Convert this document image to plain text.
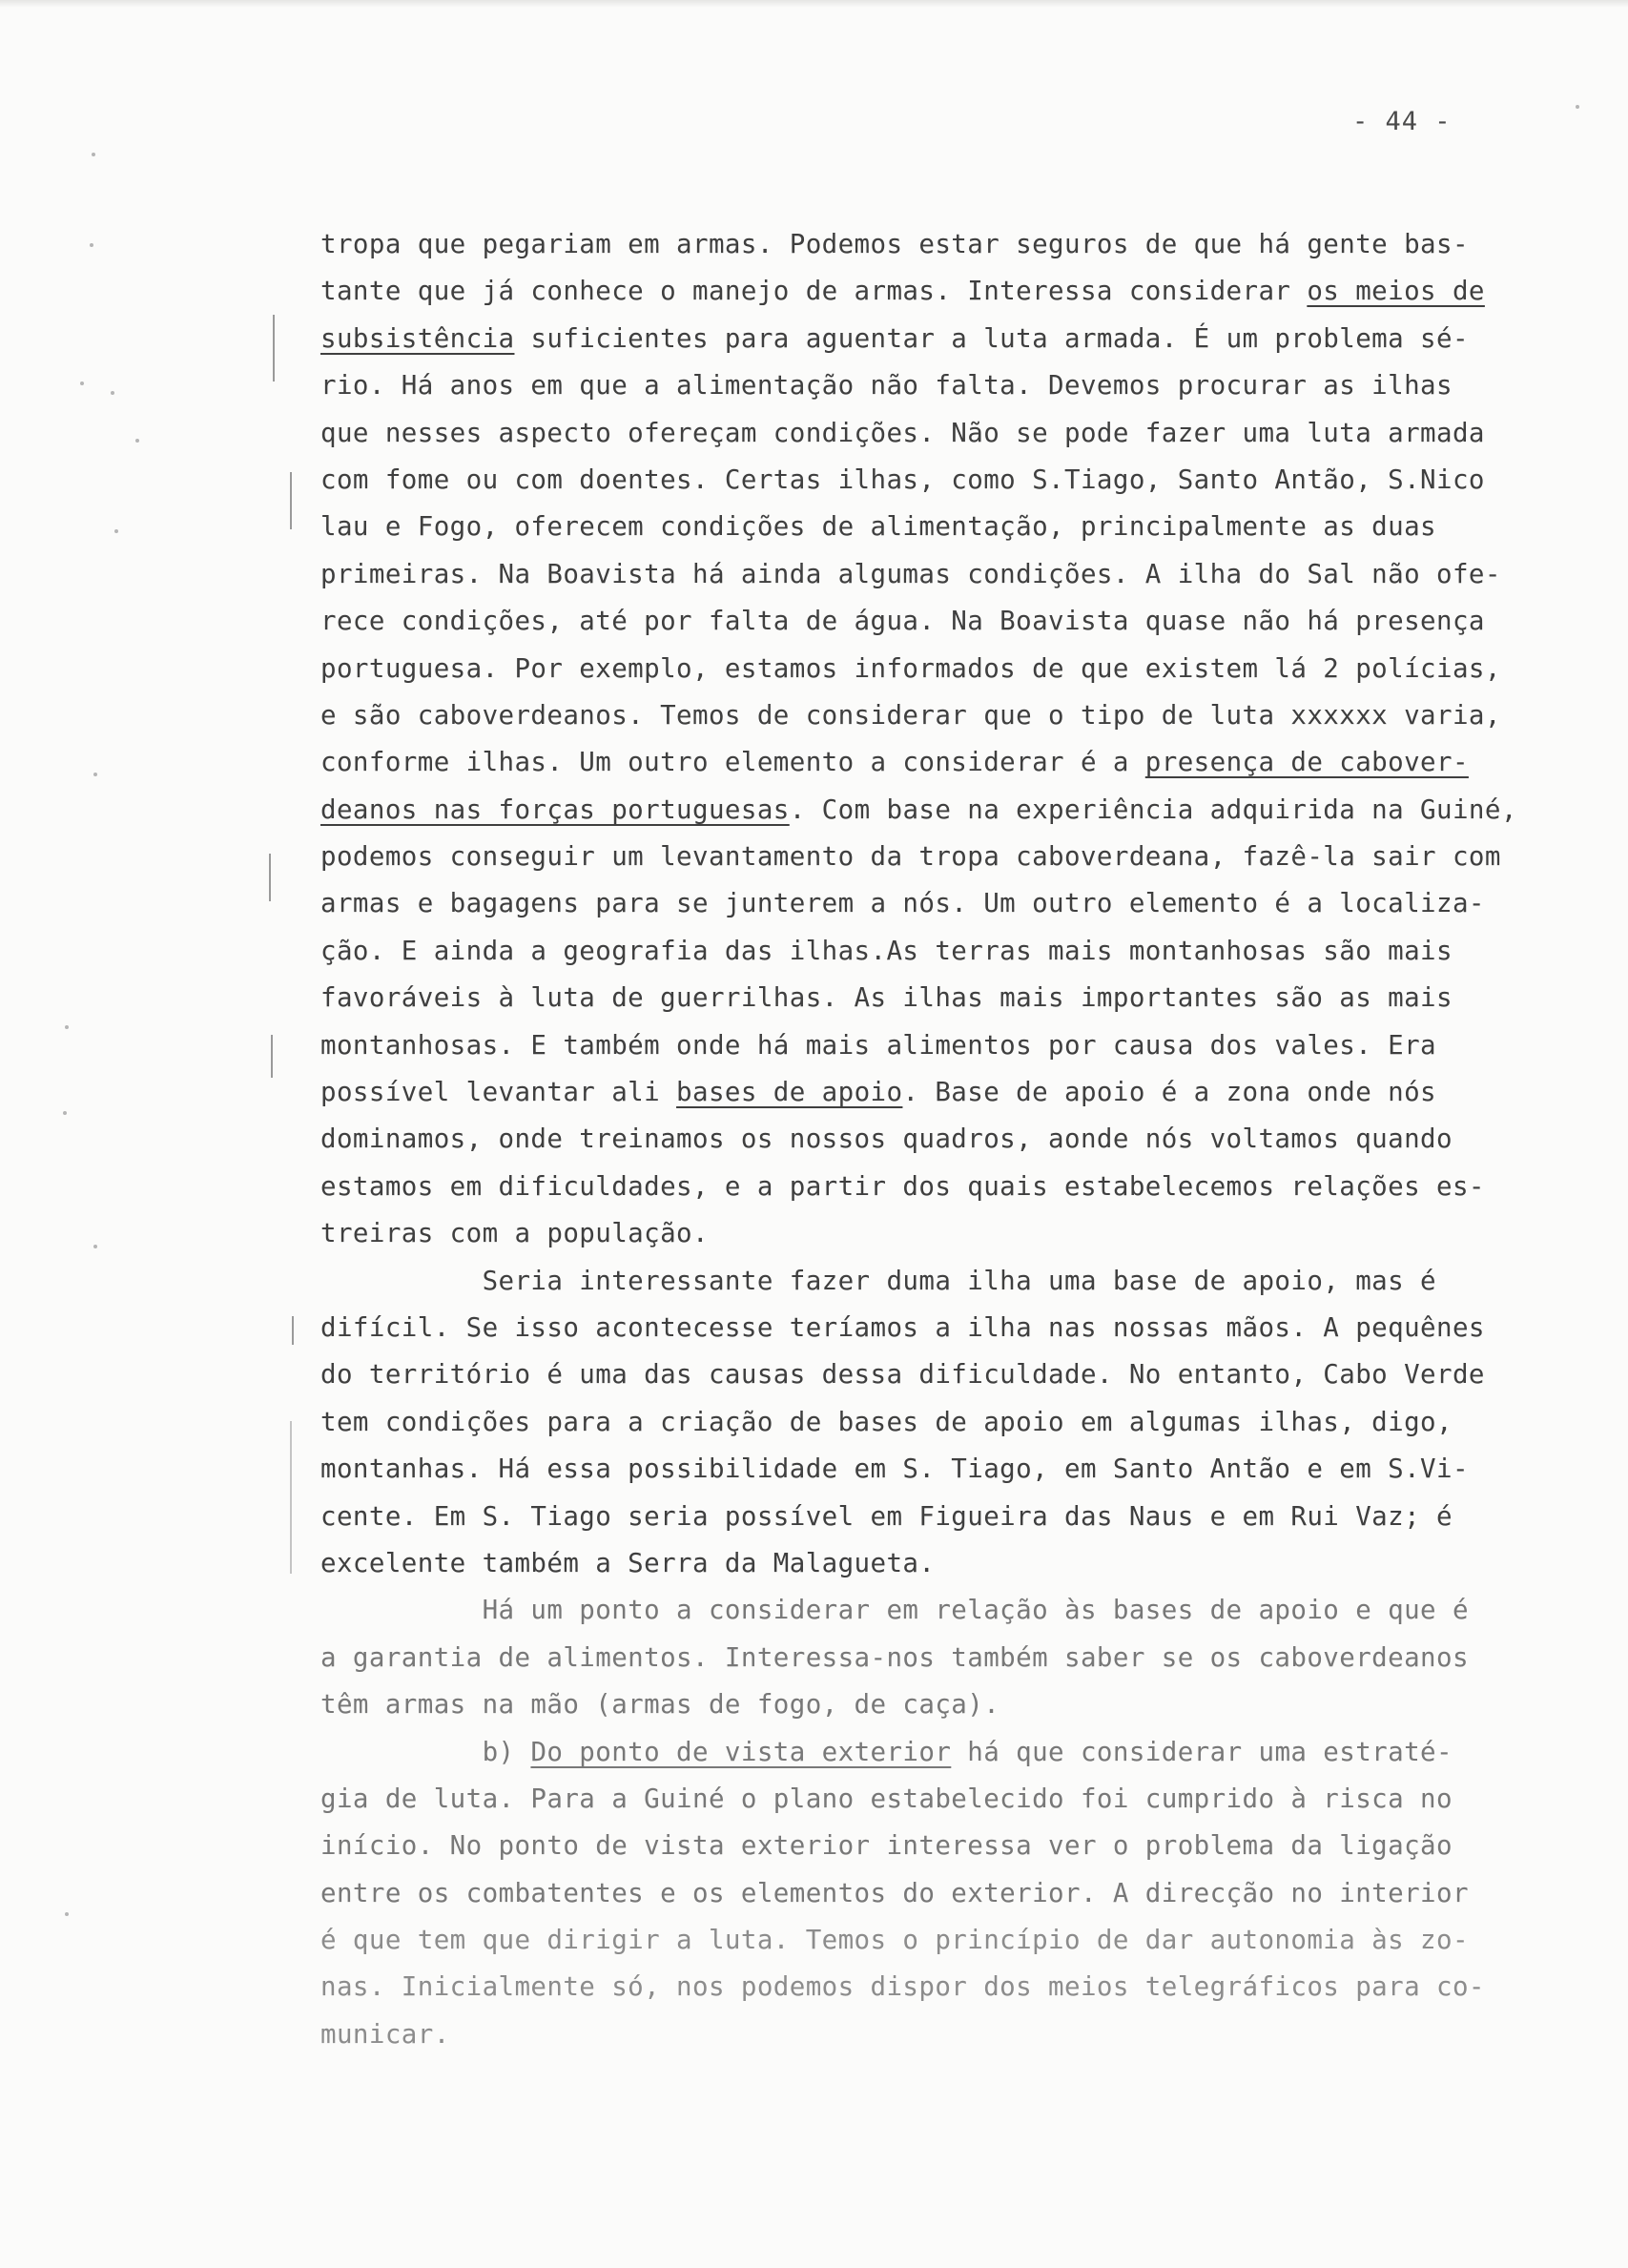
- 44 -
tropa que pegariam em armas. Podemos estar seguros de que há gente bas-
tante que já conhece o manejo de armas. Interessa considerar os meios de
subsistência suficientes para aguentar a luta armada. É um problema sé-
rio. Há anos em que a alimentação não falta. Devemos procurar as ilhas
que nesses aspecto ofereçam condições. Não se pode fazer uma luta armada
com fome ou com doentes. Certas ilhas, como S.Tiago, Santo Antão, S.Nico
lau e Fogo, oferecem condições de alimentação, principalmente as duas
primeiras. Na Boavista há ainda algumas condições. A ilha do Sal não ofe-
rece condições, até por falta de água. Na Boavista quase não há presença
portuguesa. Por exemplo, estamos informados de que existem lá 2 polícias,
e são caboverdeanos. Temos de considerar que o tipo de luta xxxxxx varia,
conforme ilhas. Um outro elemento a considerar é a presença de cabover-
deanos nas forças portuguesas. Com base na experiência adquirida na Guiné,
podemos conseguir um levantamento da tropa caboverdeana, fazê-la sair com
armas e bagagens para se junterem a nós. Um outro elemento é a localiza-
ção. E ainda a geografia das ilhas.As terras mais montanhosas são mais
favoráveis à luta de guerrilhas. As ilhas mais importantes são as mais
montanhosas. E também onde há mais alimentos por causa dos vales. Era
possível levantar ali bases de apoio. Base de apoio é a zona onde nós
dominamos, onde treinamos os nossos quadros, aonde nós voltamos quando
estamos em dificuldades, e a partir dos quais estabelecemos relações es-
treiras com a população.
Seria interessante fazer duma ilha uma base de apoio, mas é
difícil. Se isso acontecesse teríamos a ilha nas nossas mãos. A pequênes
do território é uma das causas dessa dificuldade. No entanto, Cabo Verde
tem condições para a criação de bases de apoio em algumas ilhas, digo,
montanhas. Há essa possibilidade em S. Tiago, em Santo Antão e em S.Vi-
cente. Em S. Tiago seria possível em Figueira das Naus e em Rui Vaz; é
excelente também a Serra da Malagueta.
Há um ponto a considerar em relação às bases de apoio e que é
a garantia de alimentos. Interessa-nos também saber se os caboverdeanos
têm armas na mão (armas de fogo, de caça).
b) Do ponto de vista exterior há que considerar uma estraté-
gia de luta. Para a Guiné o plano estabelecido foi cumprido à risca no
início. No ponto de vista exterior interessa ver o problema da ligação
entre os combatentes e os elementos do exterior. A direcção no interior
é que tem que dirigir a luta. Temos o princípio de dar autonomia às zo-
nas. Inicialmente só, nos podemos dispor dos meios telegráficos para co-
municar.
